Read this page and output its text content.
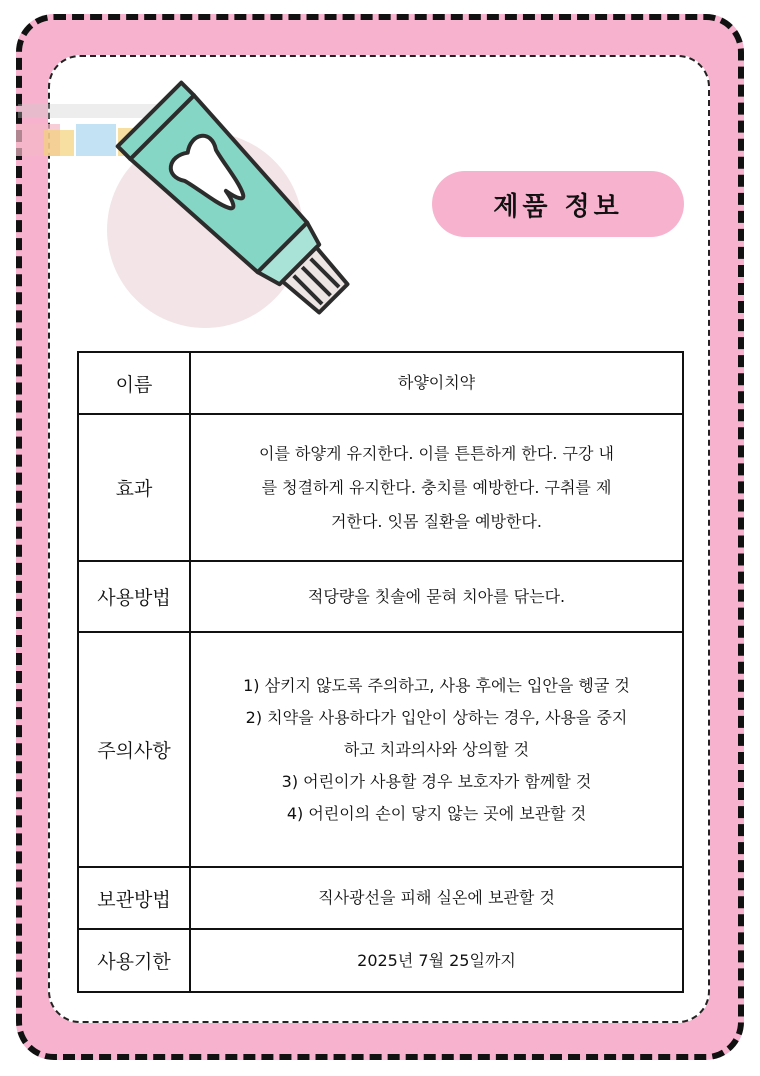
제품 정보
이름	하얗이치약

효과	이를 하얗게 유지한다. 이를 튼튼하게 한다. 구강 내
를 청결하게 유지한다. 충치를 예방한다. 구취를 제
거한다. 잇몸 질환을 예방한다.

사용방법	적당량을 칫솔에 묻혀 치아를 닦는다.

주의사항	1) 삼키지 않도록 주의하고, 사용 후에는 입안을 헹굴 것
2) 치약을 사용하다가 입안이 상하는 경우, 사용을 중지
하고 치과의사와 상의할 것
3) 어린이가 사용할 경우 보호자가 함께할 것
4) 어린이의 손이 닿지 않는 곳에 보관할 것

보관방법	직사광선을 피해 실온에 보관할 것

사용기한	2025년 7월 25일까지
